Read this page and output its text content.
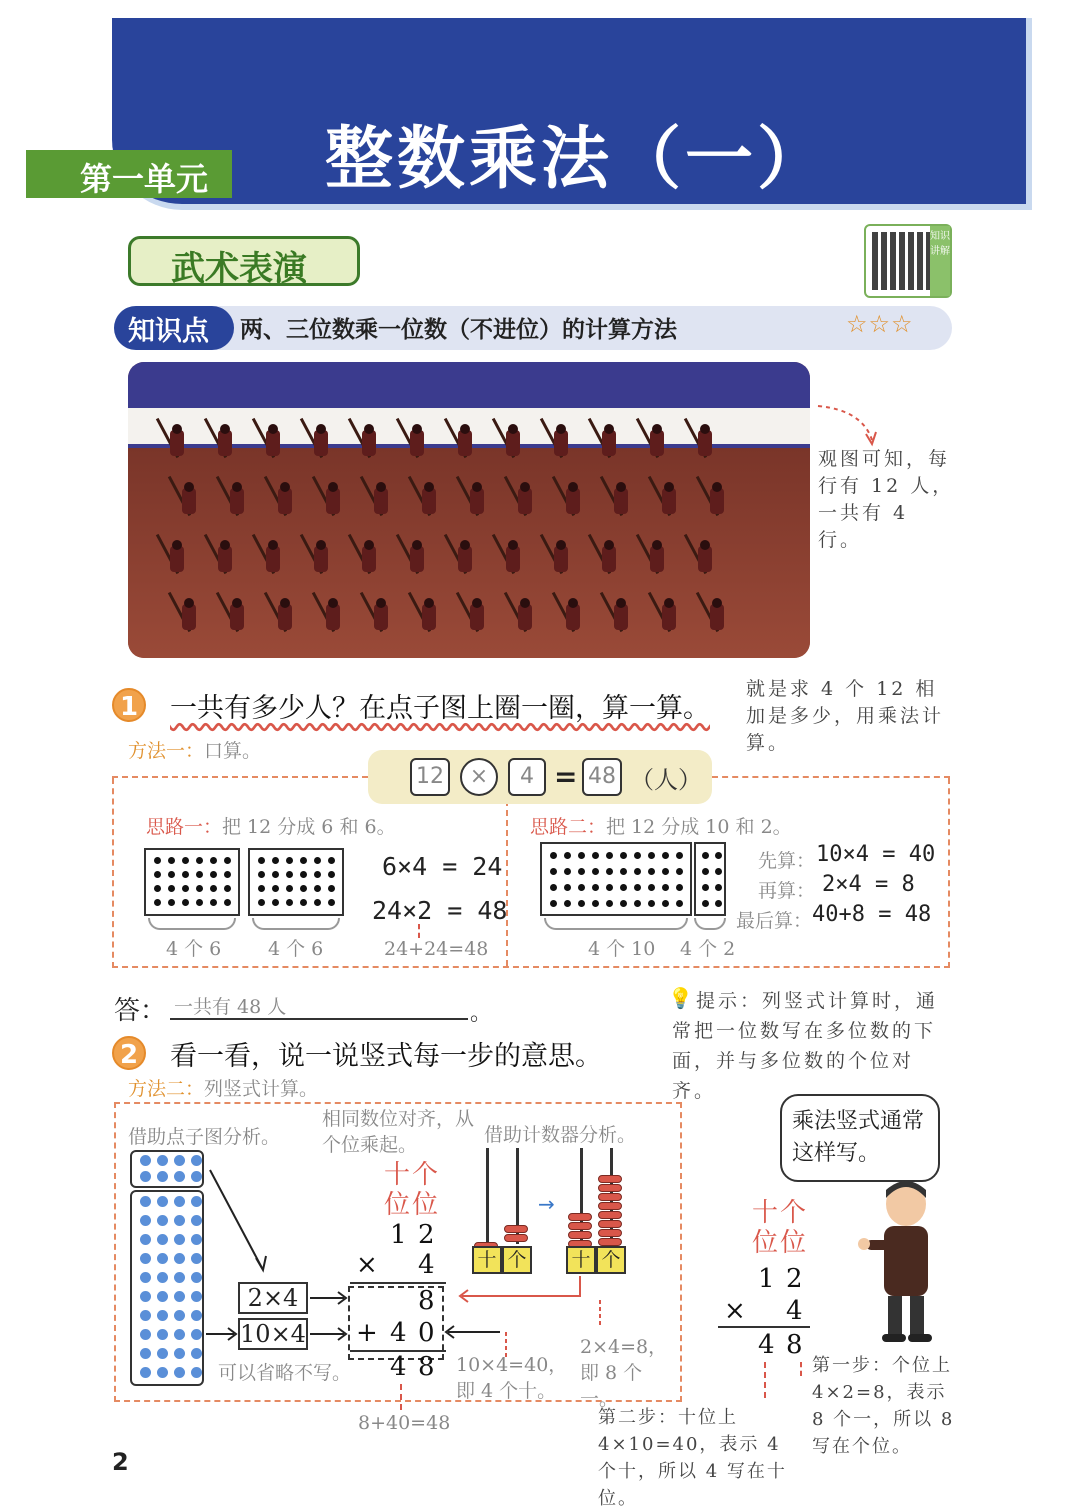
整数乘法（一）
第一单元
武术表演
知识讲解
知识点	两、三位数乘一位数（不进位）的计算方法	☆☆☆
观图可知，每行有 12 人，一共有 4 行。
1 一共有多少人？在点子图上圈一圈，算一算。
就是求 4 个 12 相加是多少，用乘法计算。
方法一：口算。
12	×	4 = 48 （人）
思路一：把 12 分成 6 和 6。
4 个 6 4 个 6
6×4 = 24
24×2 = 48
24+24=48
思路二：把 12 分成 10 和 2。
4 个 10 4 个 2
先算： 10×4 = 40
再算： 2×4 = 8
最后算： 40+8 = 48
答： 一共有 48 人	。
💡 提示：列竖式计算时，通常把一位数写在多位数的下面，并与多位数的个位对齐。
2 看一看，说一说竖式每一步的意思。
方法二：列竖式计算。
借助点子图分析。
相同数位对齐，从个位乘起。	借助计数器分析。
2×4
10×4
可以省略不写。
十
位
个
位
1 2
× 4
8
+ 4 0
4 8
8+40=48
十 个
→
十 个
10×4=40，即 4 个十。
2×4=8，即 8 个一。
乘法竖式通常这样写。
十
位
个
位
1 2
× 4
4 8
第一步：个位上 4×2=8，表示 8 个一，所以 8 写在个位。
第二步：十位上 4×10=40，表示 4 个十，所以 4 写在十位。
2
